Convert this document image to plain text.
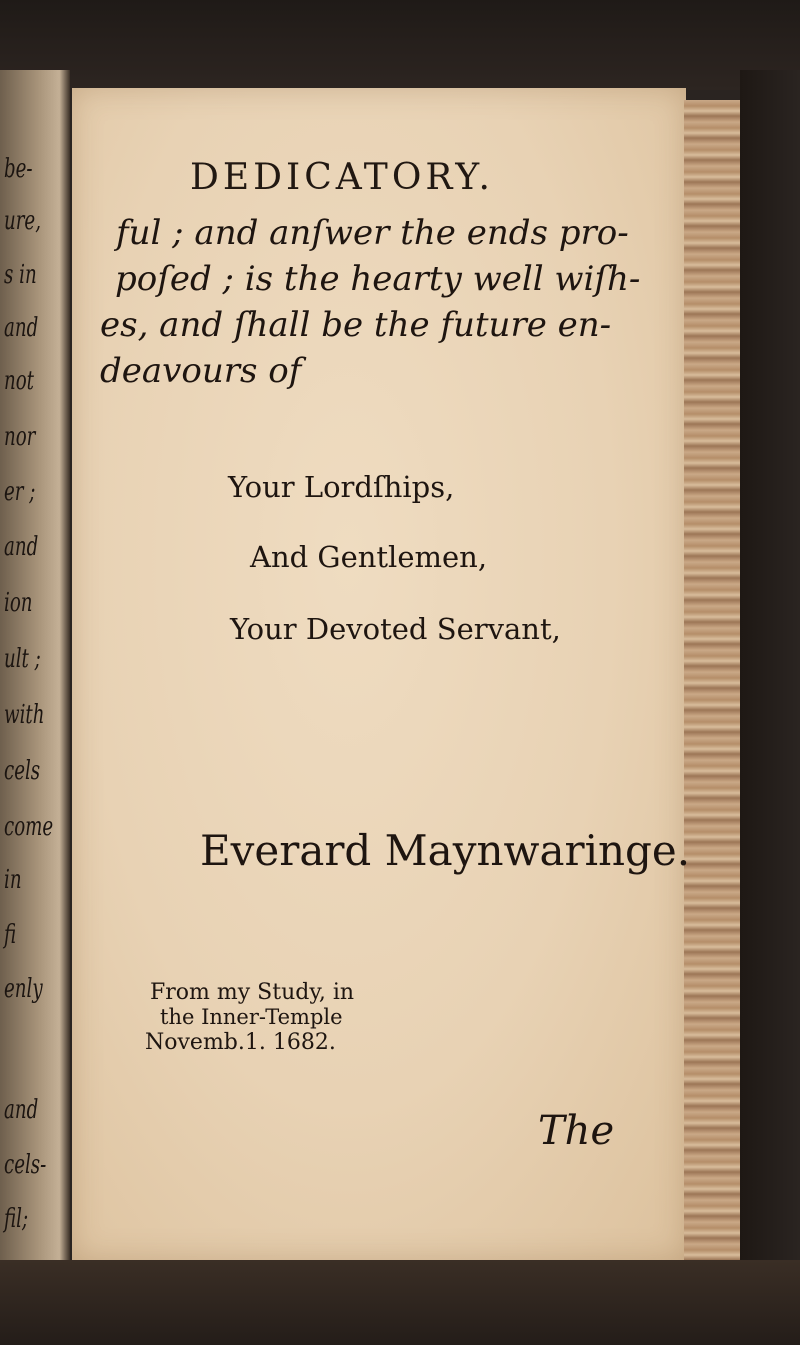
be-
ure,
s in
and
not
nor
er ;
and
ion
ult ;
with
cels
come
in
fi
enly
and
cels-
fil;
DEDICATORY.
ful ; and anſwer the ends pro-
poſed ; is the hearty well wiſh-
es, and ſhall be the future en-
deavours of
Your Lordſhips,
And Gentlemen,
Your Devoted Servant,
Everard Maynwaringe.
From my Study, in
the Inner-Temple
Novemb.1. 1682.
The
